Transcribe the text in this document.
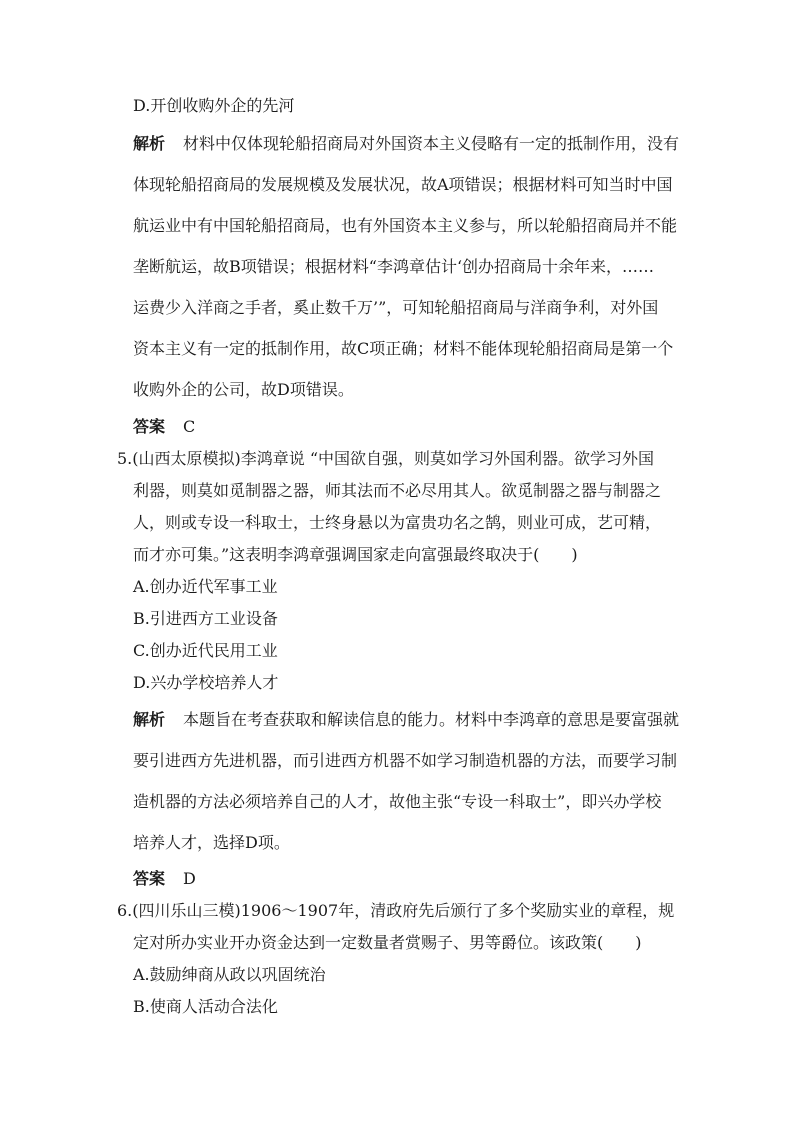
D.开创收购外企的先河
解析 材料中仅体现轮船招商局对外国资本主义侵略有一定的抵制作用，没有
体现轮船招商局的发展规模及发展状况，故A项错误；根据材料可知当时中国
航运业中有中国轮船招商局，也有外国资本主义参与，所以轮船招商局并不能
垄断航运，故B项错误；根据材料“李鸿章估计‘创办招商局十余年来，……
运费少入洋商之手者，奚止数千万’”，可知轮船招商局与洋商争利，对外国
资本主义有一定的抵制作用，故C项正确；材料不能体现轮船招商局是第一个
收购外企的公司，故D项错误。
答案 C
5.(山西太原模拟)李鸿章说 “中国欲自强，则莫如学习外国利器。欲学习外国
利器，则莫如觅制器之器，师其法而不必尽用其人。欲觅制器之器与制器之
人，则或专设一科取士，士终身悬以为富贵功名之鹄，则业可成，艺可精，
而才亦可集。”这表明李鸿章强调国家走向富强最终取决于(　　)
A.创办近代军事工业
B.引进西方工业设备
C.创办近代民用工业
D.兴办学校培养人才
解析 本题旨在考查获取和解读信息的能力。材料中李鸿章的意思是要富强就
要引进西方先进机器，而引进西方机器不如学习制造机器的方法，而要学习制
造机器的方法必须培养自己的人才，故他主张“专设一科取士”，即兴办学校
培养人才，选择D项。
答案 D
6.(四川乐山三模)1906～1907年，清政府先后颁行了多个奖励实业的章程，规
定对所办实业开办资金达到一定数量者赏赐子、男等爵位。该政策(　　)
A.鼓励绅商从政以巩固统治
B.使商人活动合法化
